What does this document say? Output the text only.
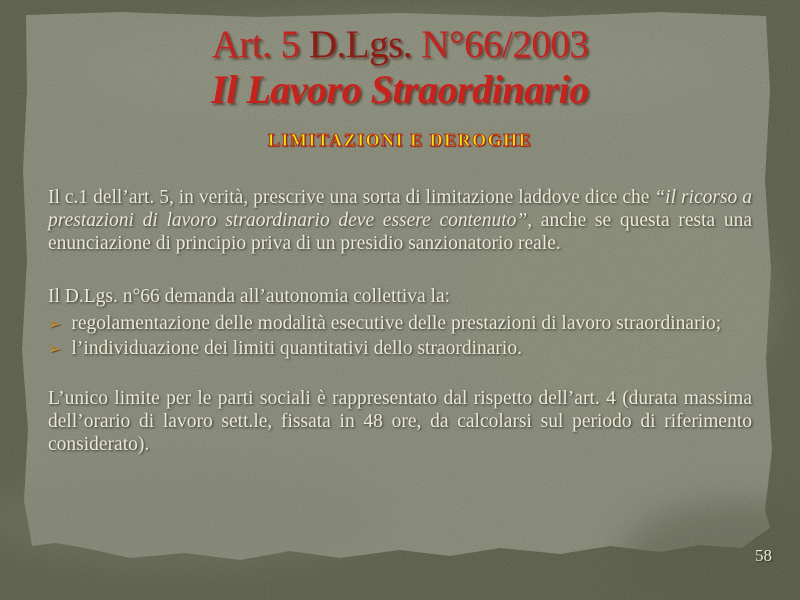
Art. 5 D.Lgs. N°66/2003
Il Lavoro Straordinario
LIMITAZIONI E DEROGHE

Il c.1 dell’art. 5, in verità, prescrive una sorta di limitazione laddove dice che “il ricorso a prestazioni di lavoro straordinario deve essere contenuto”, anche se questa resta una enunciazione di principio priva di un presidio sanzionatorio reale.

Il D.Lgs. n°66 demanda all’autonomia collettiva la:

➢ regolamentazione delle modalità esecutive delle prestazioni di lavoro straordinario;

➢ l’individuazione dei limiti quantitativi dello straordinario.

L’unico limite per le parti sociali è rappresentato dal rispetto dell’art. 4 (durata massima dell’orario di lavoro sett.le, fissata in 48 ore, da calcolarsi sul periodo di riferimento considerato).

58
